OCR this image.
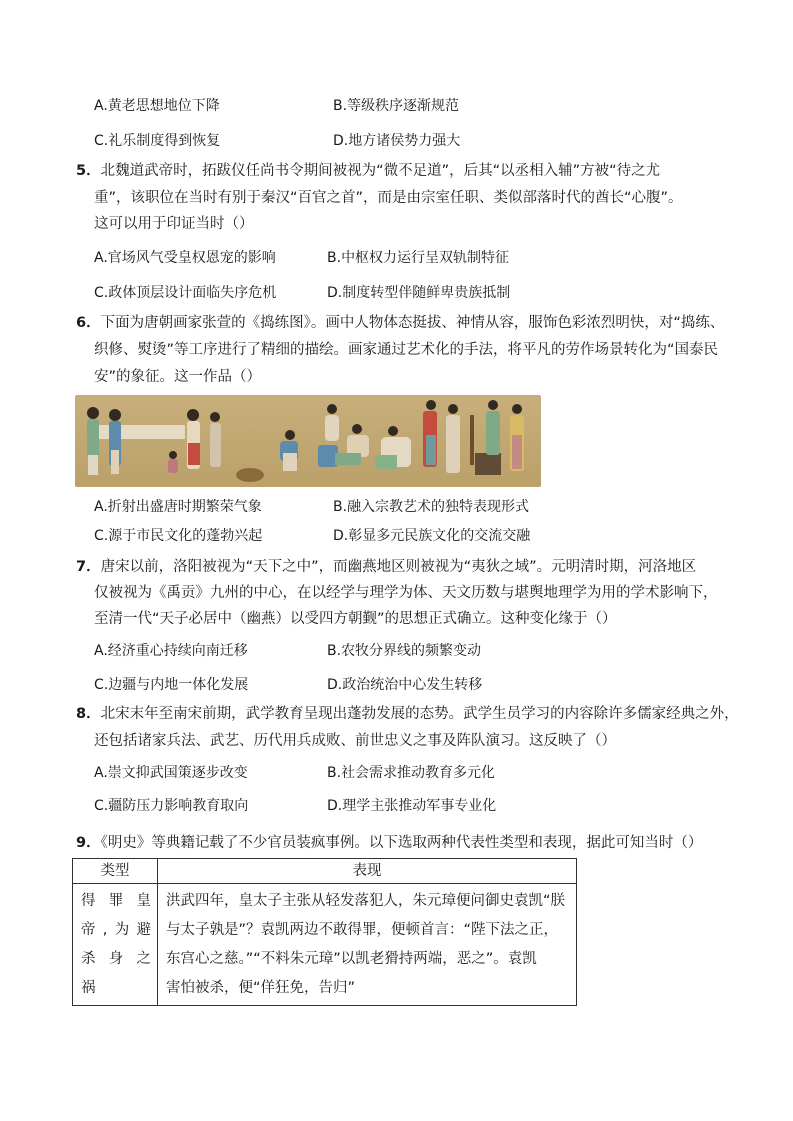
A.黄老思想地位下降	B.等级秩序逐渐规范
C.礼乐制度得到恢复	D.地方诸侯势力强大
5．北魏道武帝时，拓跋仪任尚书令期间被视为“微不足道”，后其“以丞相入辅”方被“待之尤
重”，该职位在当时有别于秦汉“百官之首”，而是由宗室任职、类似部落时代的酋长“心腹”。
这可以用于印证当时（）
A.官场风气受皇权恩宠的影响	B.中枢权力运行呈双轨制特征
C.政体顶层设计面临失序危机	D.制度转型伴随鲜卑贵族抵制
6．下面为唐朝画家张萱的《捣练图》。画中人物体态挺拔、神情从容，服饰色彩浓烈明快，对“捣练、
织修、熨烫”等工序进行了精细的描绘。画家通过艺术化的手法，将平凡的劳作场景转化为“国泰民
安”的象征。这一作品（）
A.折射出盛唐时期繁荣气象	B.融入宗教艺术的独特表现形式
C.源于市民文化的蓬勃兴起	D.彰显多元民族文化的交流交融
7．唐宋以前，洛阳被视为“天下之中”，而幽燕地区则被视为“夷狄之域”。元明清时期，河洛地区
仅被视为《禹贡》九州的中心，在以经学与理学为体、天文历数与堪舆地理学为用的学术影响下，
至清一代“天子必居中（幽燕）以受四方朝觐”的思想正式确立。这种变化缘于（）
A.经济重心持续向南迁移	B.农牧分界线的频繁变动
C.边疆与内地一体化发展	D.政治统治中心发生转移
8．北宋末年至南宋前期，武学教育呈现出蓬勃发展的态势。武学生员学习的内容除许多儒家经典之外，
还包括诸家兵法、武艺、历代用兵成败、前世忠义之事及阵队演习。这反映了（）
A.崇文抑武国策逐步改变	B.社会需求推动教育多元化
C.疆防压力影响教育取向	D.理学主张推动军事专业化
9．《明史》等典籍记载了不少官员装疯事例。以下选取两种代表性类型和表现，据此可知当时（）
类型	表现

得 罪 皇
帝,为避
杀 身 之
祸	洪武四年，皇太子主张从轻发落犯人，朱元璋便问御史袁凯“朕
与太子孰是”？袁凯两边不敢得罪，便顿首言：“陛下法之正，
东宫心之慈。”“不料朱元璋”以凯老猾持两端，恶之”。袁凯
害怕被杀，便“佯狂免，告归”
